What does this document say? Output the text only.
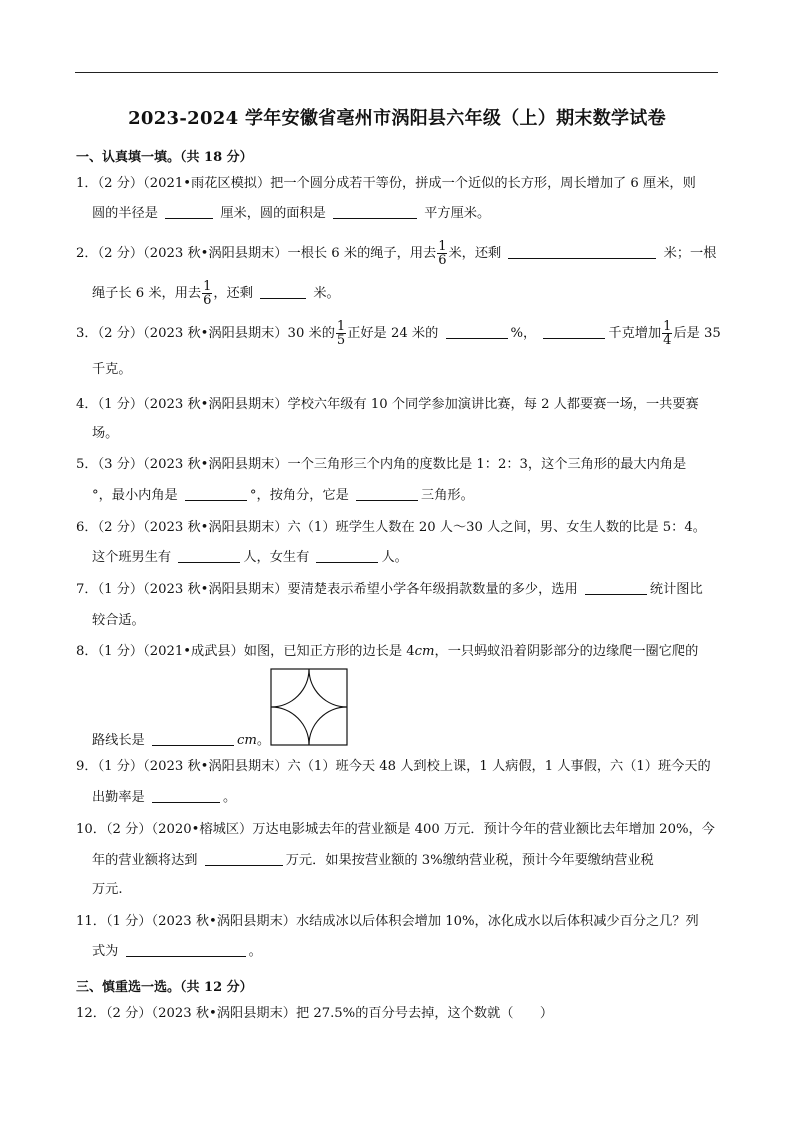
2023-2024 学年安徽省亳州市涡阳县六年级（上）期末数学试卷
一、认真填一填。（共 18 分）
1．（2 分）（2021•雨花区模拟）把一个圆分成若干等份，拼成一个近似的长方形，周长增加了 6 厘米，则
圆的半径是	厘米，圆的面积是	平方厘米。
2．（2 分）（2023 秋•涡阳县期末）一根长 6 米的绳子，用去 $\frac{1}{6}$ 米，还剩	米；一根
绳子长 6 米，用去 $\frac{1}{6}$ ，还剩	米。
3．（2 分）（2023 秋•涡阳县期末）30 米的 $\frac{1}{5}$ 正好是 24 米的	%，	千克增加 $\frac{1}{4}$ 后是 35
千克。
4．（1 分）（2023 秋•涡阳县期末）学校六年级有 10 个同学参加演讲比赛，每 2 人都要赛一场，一共要赛
场。
5．（3 分）（2023 秋•涡阳县期末）一个三角形三个内角的度数比是 1：2：3，这个三角形的最大内角是
°，最小内角是	°，按角分，它是	三角形。
6．（2 分）（2023 秋•涡阳县期末）六（1）班学生人数在 20 人～30 人之间，男、女生人数的比是 5：4。
这个班男生有	人，女生有	人。
7．（1 分）（2023 秋•涡阳县期末）要清楚表示希望小学各年级捐款数量的多少，选用	统计图比
较合适。
8．（1 分）（2021•成武县）如图，已知正方形的边长是 4cm，一只蚂蚁沿着阴影部分的边缘爬一圈它爬的
路线长是	cm。
9．（1 分）（2023 秋•涡阳县期末）六（1）班今天 48 人到校上课，1 人病假，1 人事假，六（1）班今天的
出勤率是	。
10．（2 分）（2020•榕城区）万达电影城去年的营业额是 400 万元．预计今年的营业额比去年增加 20%，今
年的营业额将达到	万元．如果按营业额的 3%缴纳营业税，预计今年要缴纳营业税
万元.
11．（1 分）（2023 秋•涡阳县期末）水结成冰以后体积会增加 10%，冰化成水以后体积减少百分之几？列
式为	。
三、慎重选一选。（共 12 分）
12．（2 分）（2023 秋•涡阳县期末）把 27.5%的百分号去掉，这个数就（　　）
